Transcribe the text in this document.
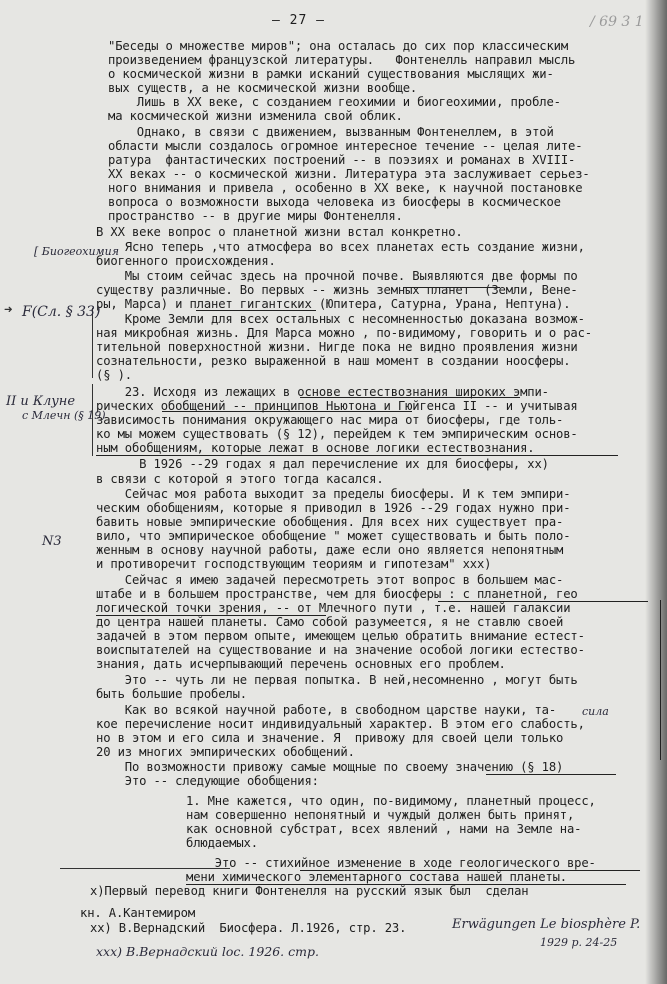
— 27 —	/ 69 3 1
"Беседы о множестве миров"; она осталась до сих пор классическим
произведением французской литературы.   Фонтенелль направил мысль
о космической жизни в рамки исканий существования мыслящих жи-
вых существ, а не космической жизни вообще.
Лишь в XX веке, с созданием геохимии и биогеохимии, пробле-
ма космической жизни изменила свой облик.
Однако, в связи с движением, вызванным Фонтенеллем, в этой
области мысли создалось огромное интересное течение -- целая лите-
ратура  фантастических построений -- в поэзиях и романах в XVIII-
XX веках -- о космической жизни. Литература эта заслуживает серьез-
ного внимания и привела , особенно в XX веке, к научной постановке
вопроса о возможности выхода человека из биосферы в космическое
пространство -- в другие миры Фонтенелля.
В XX веке вопрос о планетной жизни встал конкретно.
Ясно теперь ,что атмосфера во всех планетах есть создание жизни,
биогенного происхождения.
Мы стоим сейчас здесь на прочной почве. Выявляются две формы по
существу различные. Во первых -- жизнь земных планет  (Земли, Вене-
ры, Марса) и планет гигантских (Юпитера, Сатурна, Урана, Нептуна).
Кроме Земли для всех остальных с несомненностью доказана возмож-
ная микробная жизнь. Для Марса можно , по-видимому, говорить и о рас-
тительной поверхностной жизни. Нигде пока не видно проявления жизни
сознательности, резко выраженной в наш момент в создании ноосферы.
(§ ).
23. Исходя из лежащих в основе естествознания широких эмпи-
рических обобщений -- принципов Ньютона и Гюйгенса II -- и учитывая
зависимость понимания окружающего нас мира от биосферы, где толь-
ко мы можем существовать (§ 12), перейдем к тем эмпирическим основ-
ным обобщениям, которые лежат в основе логики естествознания.
В 1926 --29 годах я дал перечисление их для биосферы, xx)
в связи с которой я этого тогда касался.
Сейчас моя работа выходит за пределы биосферы. И к тем эмпири-
ческим обобщениям, которые я приводил в 1926 --29 годах нужно при-
бавить новые эмпирические обобщения. Для всех них существует пра-
вило, что эмпирическое обобщение " может существовать и быть поло-
женным в основу научной работы, даже если оно является непонятным
и противоречит господствующим теориям и гипотезам" xxx)
Сейчас я имею задачей пересмотреть этот вопрос в большем мас-
штабе и в большем пространстве, чем для биосферы : с планетной, гео
логической точки зрения, -- от Млечного пути , т.е. нашей галаксии
до центра нашей планеты. Само собой разумеется, я не ставлю своей
задачей в этом первом опыте, имеющем целью обратить внимание естест-
воиспытателей на существование и на значение особой логики естество-
знания, дать исчерпывающий перечень основных его проблем.
Это -- чуть ли не первая попытка. В ней,несомненно , могут быть
быть большие пробелы.
Как во всякой научной работе, в свободном царстве науки, та-
кое перечисление носит индивидуальный характер. В этом его слабость,
но в этом и его сила и значение. Я  привожу для своей цели только
20 из многих эмпирических обобщений.
По возможности привожу самые мощные по своему значению (§ 18)
Это -- следующие обобщения:
1. Мне кажется, что один, по-видимому, планетный процесс,
нам совершенно непонятный и чуждый должен быть принят,
как основной субстрат, всех явлений , нами на Земле на-
блюдаемых.
Это -- стихийное изменение в ходе геологического вре-
мени химического элементарного состава нашей планеты.
[ Биогеохимия
➜ F(Сл. § 33)
II и Клуне
с Млечн (§ 19)
N3
сила
x)Первый перевод книги Фонтенелля на русский язык был  сделан
кн. А.Кантемиром
xx) В.Вернадский  Биосфера. Л.1926, стр. 23.	Erwägungen Le biosphère P.
1929 p. 24-25
xxx) В.Вернадский loc. 1926. стр.
